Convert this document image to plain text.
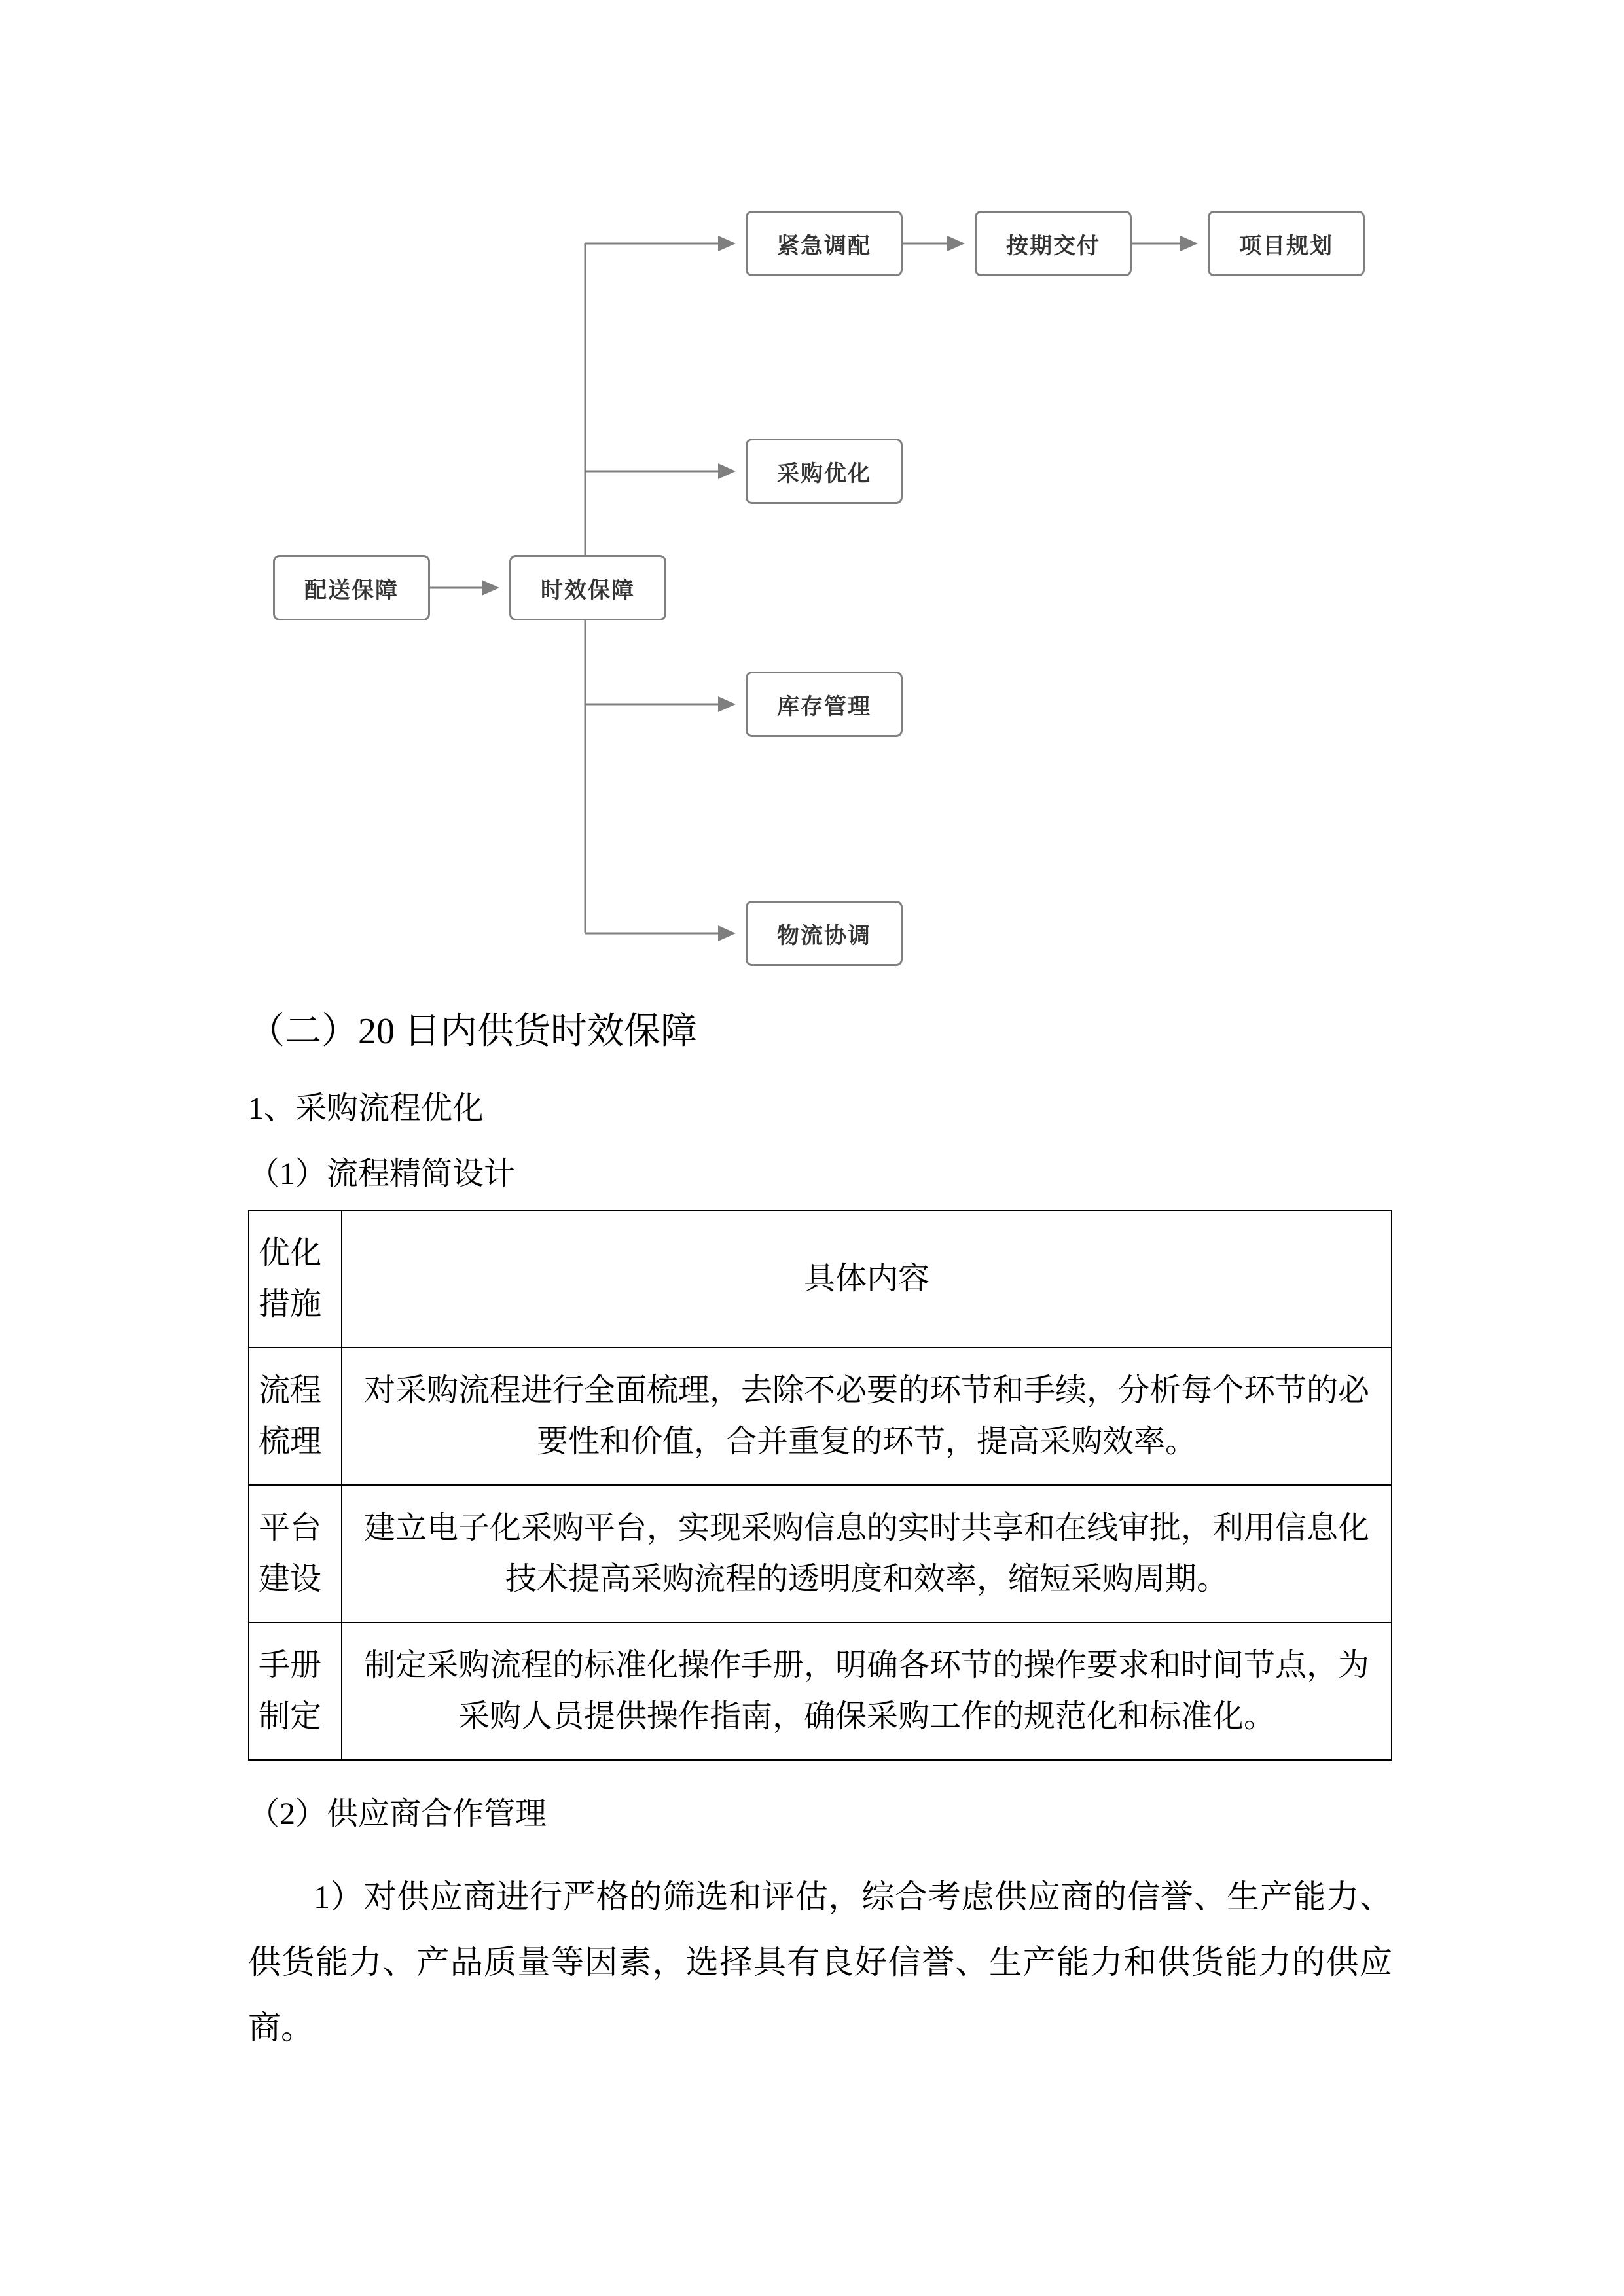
紧急调配	按期交付	项目规划
采购优化
配送保障	时效保障
库存管理
物流协调
（二）20 日内供货时效保障
1、采购流程优化
（1）流程精简设计
优化措施	具体内容
流程梳理	对采购流程进行全面梳理，去除不必要的环节和手续，分析每个环节的必要性和价值，合并重复的环节，提高采购效率。
平台建设	建立电子化采购平台，实现采购信息的实时共享和在线审批，利用信息化技术提高采购流程的透明度和效率，缩短采购周期。
手册制定	制定采购流程的标准化操作手册，明确各环节的操作要求和时间节点，为采购人员提供操作指南，确保采购工作的规范化和标准化。
（2）供应商合作管理
1）对供应商进行严格的筛选和评估，综合考虑供应商的信誉、生产能力、供货能力、产品质量等因素，选择具有良好信誉、生产能力和供货能力的供应商。
